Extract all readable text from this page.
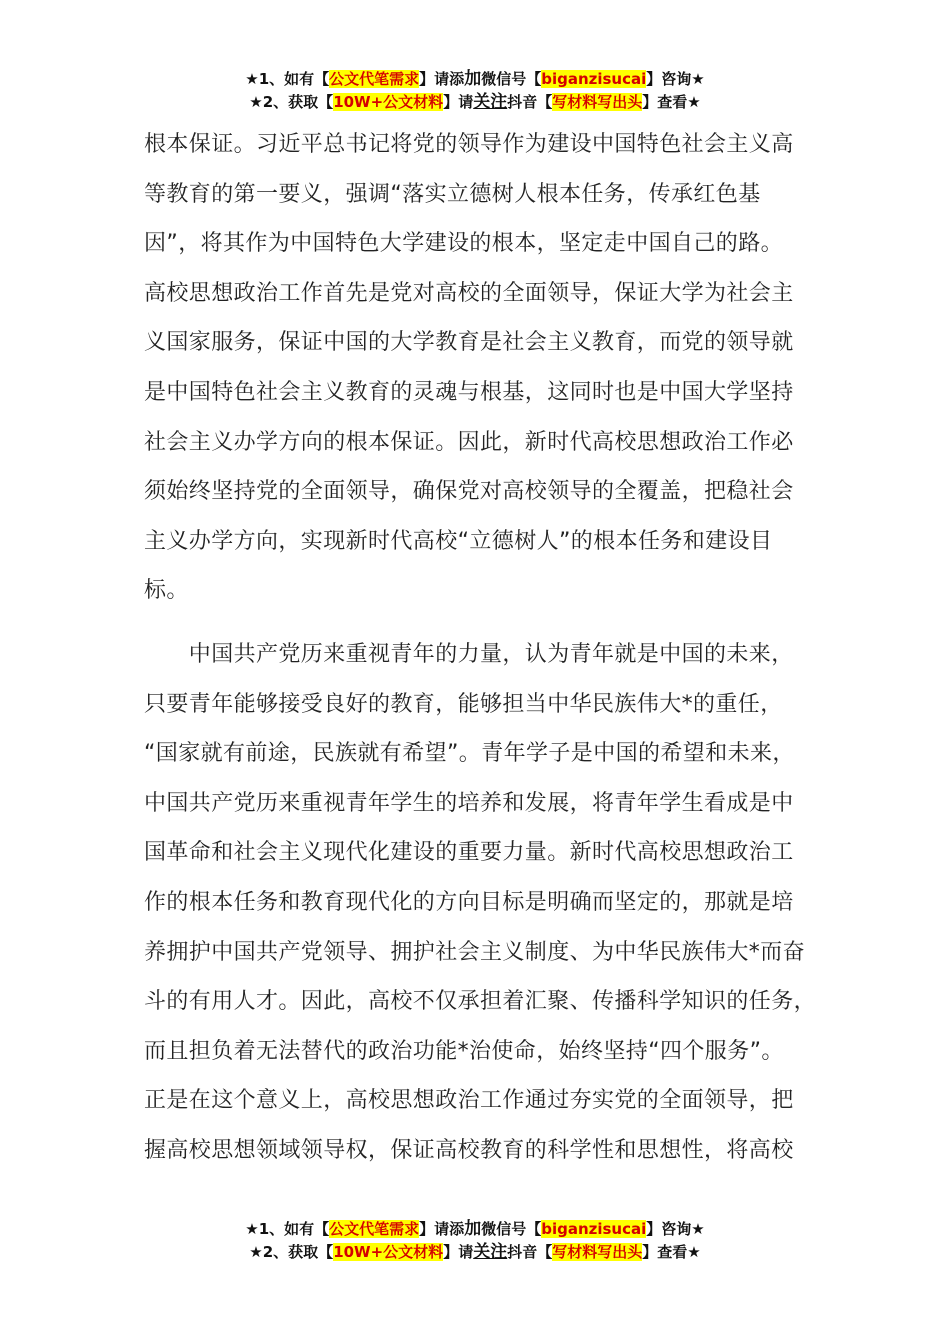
★1、如有【公文代笔需求】请添加微信号【biganzisucai】咨询★
★2、获取【10W+公文材料】请关注抖音【写材料写出头】查看★
根本保证。习近平总书记将党的领导作为建设中国特色社会主义高
等教育的第一要义，强调“落实立德树人根本任务，传承红色基
因”，将其作为中国特色大学建设的根本，坚定走中国自己的路。
高校思想政治工作首先是党对高校的全面领导，保证大学为社会主
义国家服务，保证中国的大学教育是社会主义教育，而党的领导就
是中国特色社会主义教育的灵魂与根基，这同时也是中国大学坚持
社会主义办学方向的根本保证。因此，新时代高校思想政治工作必
须始终坚持党的全面领导，确保党对高校领导的全覆盖，把稳社会
主义办学方向，实现新时代高校“立德树人”的根本任务和建设目
标。
　　中国共产党历来重视青年的力量，认为青年就是中国的未来，
只要青年能够接受良好的教育，能够担当中华民族伟大*的重任，
“国家就有前途，民族就有希望”。青年学子是中国的希望和未来，
中国共产党历来重视青年学生的培养和发展，将青年学生看成是中
国革命和社会主义现代化建设的重要力量。新时代高校思想政治工
作的根本任务和教育现代化的方向目标是明确而坚定的，那就是培
养拥护中国共产党领导、拥护社会主义制度、为中华民族伟大*而奋
斗的有用人才。因此，高校不仅承担着汇聚、传播科学知识的任务，
而且担负着无法替代的政治功能*治使命，始终坚持“四个服务”。
正是在这个意义上，高校思想政治工作通过夯实党的全面领导，把
握高校思想领域领导权，保证高校教育的科学性和思想性，将高校
★1、如有【公文代笔需求】请添加微信号【biganzisucai】咨询★
★2、获取【10W+公文材料】请关注抖音【写材料写出头】查看★
